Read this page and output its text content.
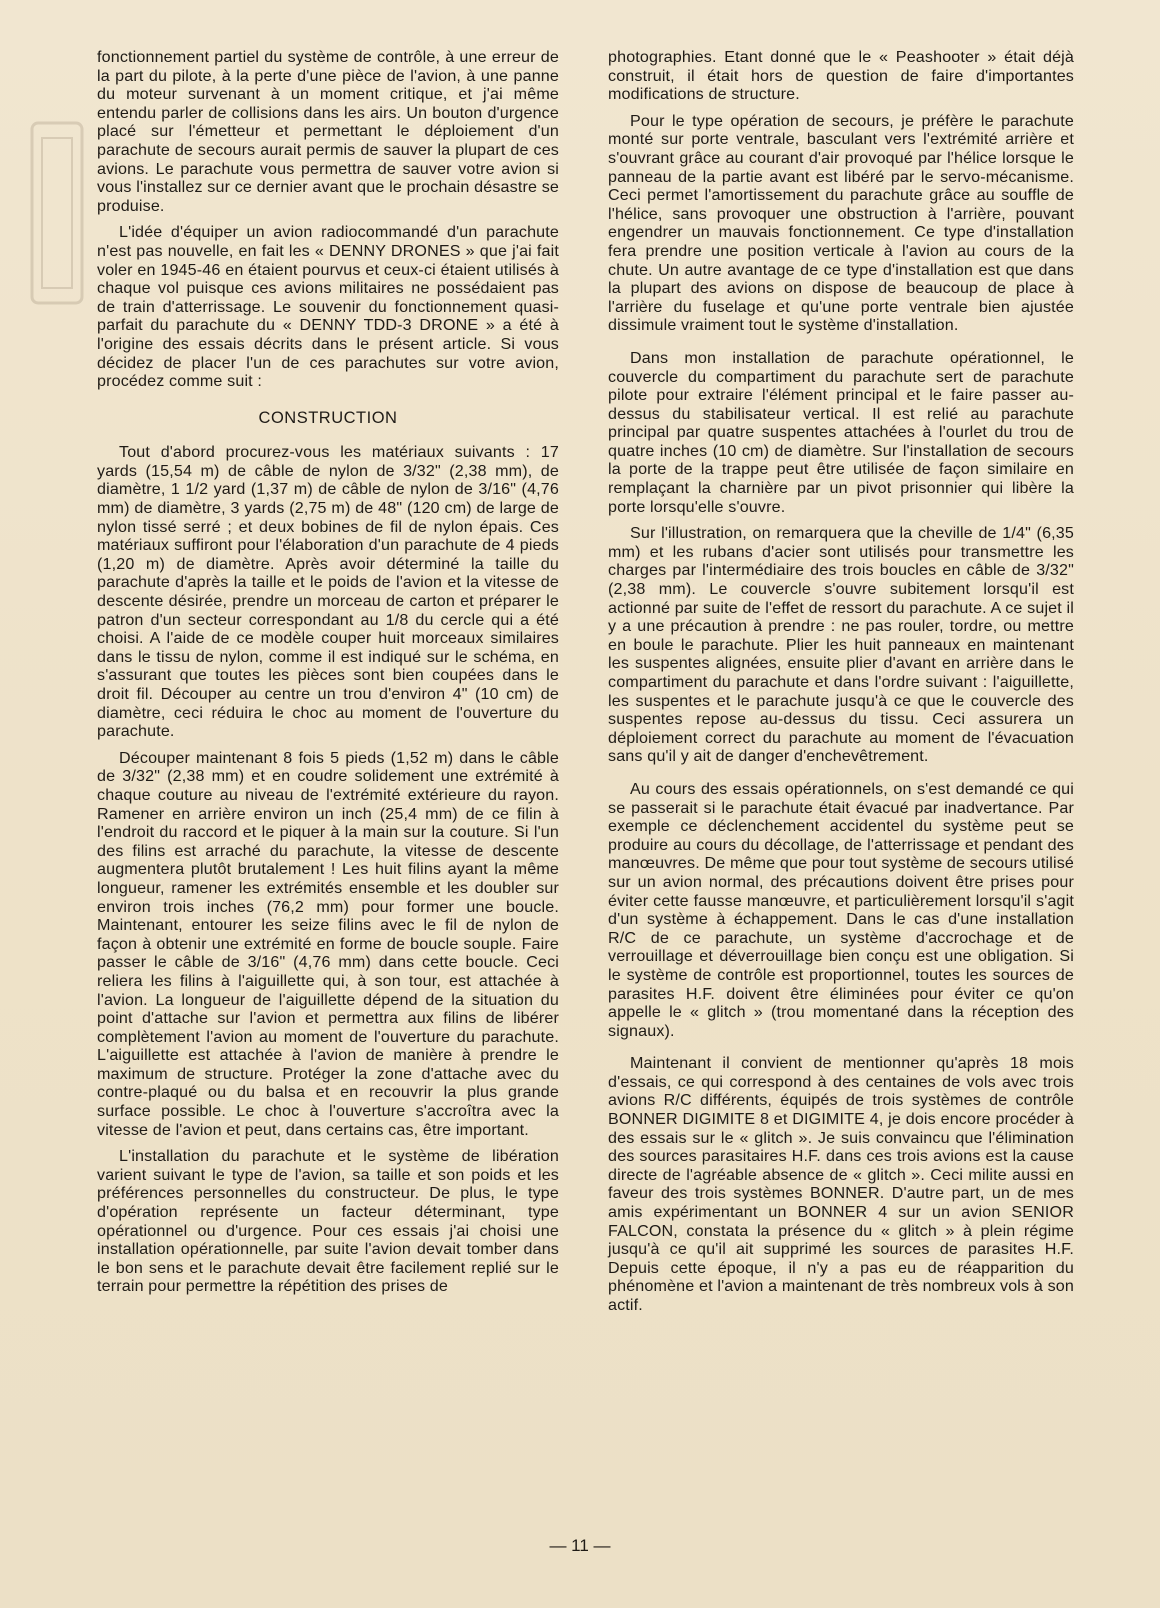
fonctionnement partiel du système de contrôle, à une erreur de la part du pilote, à la perte d'une pièce de l'avion, à une panne du moteur survenant à un moment critique, et j'ai même entendu parler de collisions dans les airs. Un bouton d'urgence placé sur l'émetteur et permettant le déploiement d'un parachute de secours aurait permis de sauver la plupart de ces avions. Le parachute vous permettra de sauver votre avion si vous l'installez sur ce dernier avant que le prochain désastre se produise.

L'idée d'équiper un avion radiocommandé d'un parachute n'est pas nouvelle, en fait les « DENNY DRONES » que j'ai fait voler en 1945-46 en étaient pourvus et ceux-ci étaient utilisés à chaque vol puisque ces avions militaires ne possédaient pas de train d'atterrissage. Le souvenir du fonctionnement quasi-parfait du parachute du « DENNY TDD-3 DRONE » a été à l'origine des essais décrits dans le présent article. Si vous décidez de placer l'un de ces parachutes sur votre avion, procédez comme suit :

CONSTRUCTION

Tout d'abord procurez-vous les matériaux suivants : 17 yards (15,54 m) de câble de nylon de 3/32" (2,38 mm), de diamètre, 1 1/2 yard (1,37 m) de câble de nylon de 3/16" (4,76 mm) de diamètre, 3 yards (2,75 m) de 48" (120 cm) de large de nylon tissé serré ; et deux bobines de fil de nylon épais. Ces matériaux suffiront pour l'élaboration d'un parachute de 4 pieds (1,20 m) de diamètre. Après avoir déterminé la taille du parachute d'après la taille et le poids de l'avion et la vitesse de descente désirée, prendre un morceau de carton et préparer le patron d'un secteur correspondant au 1/8 du cercle qui a été choisi. A l'aide de ce modèle couper huit morceaux similaires dans le tissu de nylon, comme il est indiqué sur le schéma, en s'assurant que toutes les pièces sont bien coupées dans le droit fil. Découper au centre un trou d'environ 4" (10 cm) de diamètre, ceci réduira le choc au moment de l'ouverture du parachute.

Découper maintenant 8 fois 5 pieds (1,52 m) dans le câble de 3/32" (2,38 mm) et en coudre solidement une extrémité à chaque couture au niveau de l'extrémité extérieure du rayon. Ramener en arrière environ un inch (25,4 mm) de ce filin à l'endroit du raccord et le piquer à la main sur la couture. Si l'un des filins est arraché du parachute, la vitesse de descente augmentera plutôt brutalement ! Les huit filins ayant la même longueur, ramener les extrémités ensemble et les doubler sur environ trois inches (76,2 mm) pour former une boucle. Maintenant, entourer les seize filins avec le fil de nylon de façon à obtenir une extrémité en forme de boucle souple. Faire passer le câble de 3/16" (4,76 mm) dans cette boucle. Ceci reliera les filins à l'aiguillette qui, à son tour, est attachée à l'avion. La longueur de l'aiguillette dépend de la situation du point d'attache sur l'avion et permettra aux filins de libérer complètement l'avion au moment de l'ouverture du parachute. L'aiguillette est attachée à l'avion de manière à prendre le maximum de structure. Protéger la zone d'attache avec du contre-plaqué ou du balsa et en recouvrir la plus grande surface possible. Le choc à l'ouverture s'accroîtra avec la vitesse de l'avion et peut, dans certains cas, être important.

L'installation du parachute et le système de libération varient suivant le type de l'avion, sa taille et son poids et les préférences personnelles du constructeur. De plus, le type d'opération représente un facteur déterminant, type opérationnel ou d'urgence. Pour ces essais j'ai choisi une installation opérationnelle, par suite l'avion devait tomber dans le bon sens et le parachute devait être facilement replié sur le terrain pour permettre la répétition des prises de

photographies. Etant donné que le « Peashooter » était déjà construit, il était hors de question de faire d'importantes modifications de structure.

Pour le type opération de secours, je préfère le parachute monté sur porte ventrale, basculant vers l'extrémité arrière et s'ouvrant grâce au courant d'air provoqué par l'hélice lorsque le panneau de la partie avant est libéré par le servo-mécanisme. Ceci permet l'amortissement du parachute grâce au souffle de l'hélice, sans provoquer une obstruction à l'arrière, pouvant engendrer un mauvais fonctionnement. Ce type d'installation fera prendre une position verticale à l'avion au cours de la chute. Un autre avantage de ce type d'installation est que dans la plupart des avions on dispose de beaucoup de place à l'arrière du fuselage et qu'une porte ventrale bien ajustée dissimule vraiment tout le système d'installation.

Dans mon installation de parachute opérationnel, le couvercle du compartiment du parachute sert de parachute pilote pour extraire l'élément principal et le faire passer au-dessus du stabilisateur vertical. Il est relié au parachute principal par quatre suspentes attachées à l'ourlet du trou de quatre inches (10 cm) de diamètre. Sur l'installation de secours la porte de la trappe peut être utilisée de façon similaire en remplaçant la charnière par un pivot prisonnier qui libère la porte lorsqu'elle s'ouvre.

Sur l'illustration, on remarquera que la cheville de 1/4" (6,35 mm) et les rubans d'acier sont utilisés pour transmettre les charges par l'intermédiaire des trois boucles en câble de 3/32" (2,38 mm). Le couvercle s'ouvre subitement lorsqu'il est actionné par suite de l'effet de ressort du parachute. A ce sujet il y a une précaution à prendre : ne pas rouler, tordre, ou mettre en boule le parachute. Plier les huit panneaux en maintenant les suspentes alignées, ensuite plier d'avant en arrière dans le compartiment du parachute et dans l'ordre suivant : l'aiguillette, les suspentes et le parachute jusqu'à ce que le couvercle des suspentes repose au-dessus du tissu. Ceci assurera un déploiement correct du parachute au moment de l'évacuation sans qu'il y ait de danger d'enchevêtrement.

Au cours des essais opérationnels, on s'est demandé ce qui se passerait si le parachute était évacué par inadvertance. Par exemple ce déclenchement accidentel du système peut se produire au cours du décollage, de l'atterrissage et pendant des manœuvres. De même que pour tout système de secours utilisé sur un avion normal, des précautions doivent être prises pour éviter cette fausse manœuvre, et particulièrement lorsqu'il s'agit d'un système à échappement. Dans le cas d'une installation R/C de ce parachute, un système d'accrochage et de verrouillage et déverrouillage bien conçu est une obligation. Si le système de contrôle est proportionnel, toutes les sources de parasites H.F. doivent être éliminées pour éviter ce qu'on appelle le « glitch » (trou momentané dans la réception des signaux).

Maintenant il convient de mentionner qu'après 18 mois d'essais, ce qui correspond à des centaines de vols avec trois avions R/C différents, équipés de trois systèmes de contrôle BONNER DIGIMITE 8 et DIGIMITE 4, je dois encore procéder à des essais sur le « glitch ». Je suis convaincu que l'élimination des sources parasitaires H.F. dans ces trois avions est la cause directe de l'agréable absence de « glitch ». Ceci milite aussi en faveur des trois systèmes BONNER. D'autre part, un de mes amis expérimentant un BONNER 4 sur un avion SENIOR FALCON, constata la présence du « glitch » à plein régime jusqu'à ce qu'il ait supprimé les sources de parasites H.F. Depuis cette époque, il n'y a pas eu de réapparition du phénomène et l'avion a maintenant de très nombreux vols à son actif.

— 11 —
